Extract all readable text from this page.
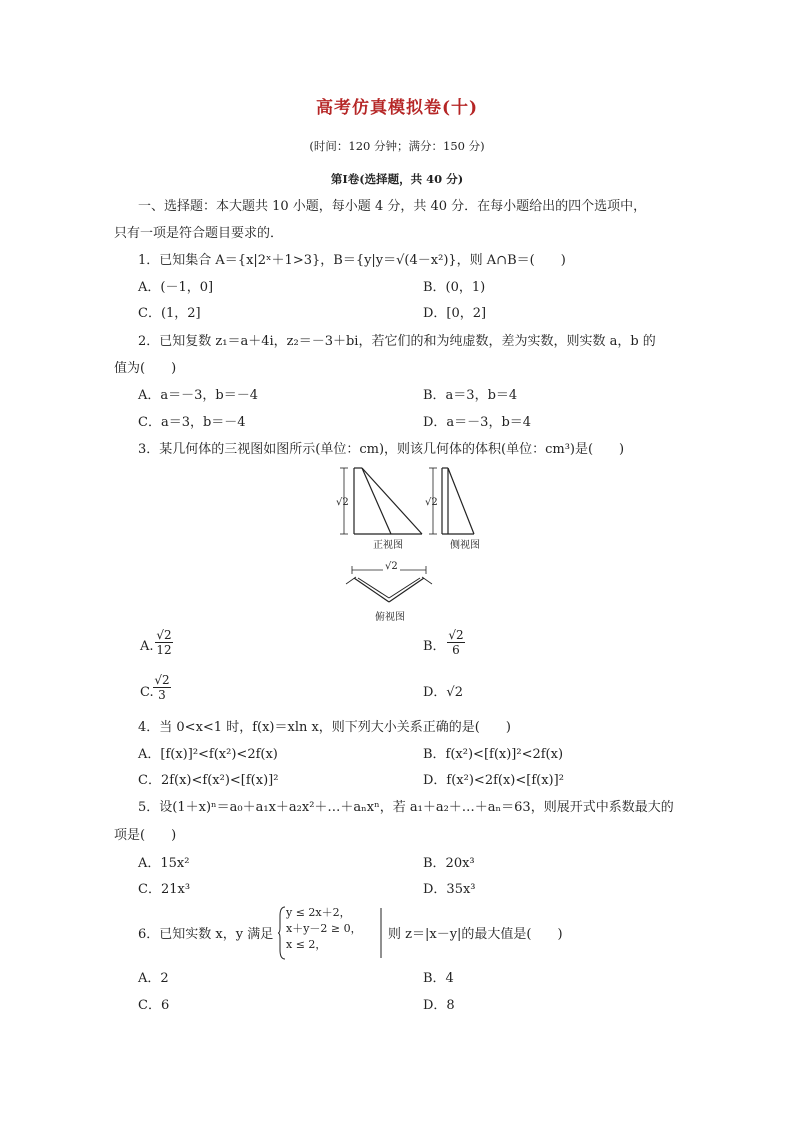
高考仿真模拟卷(十)
(时间：120 分钟；满分：150 分)
第Ⅰ卷(选择题，共 40 分)
一、选择题：本大题共 10 小题，每小题 4 分，共 40 分．在每小题给出的四个选项中，
只有一项是符合题目要求的．
1．已知集合 A＝{x|2ˣ＋1>3}，B＝{y|y＝√(4－x²)}，则 A∩B＝(　　)
A．(－1，0]	B．(0，1)
C．(1，2]	D．[0，2]
2．已知复数 z₁＝a＋4i，z₂＝－3＋bi，若它们的和为纯虚数，差为实数，则实数 a，b 的
值为(　　)
A．a＝－3，b＝－4	B．a＝3，b＝4
C．a＝3，b＝－4	D．a＝－3，b＝4
3．某几何体的三视图如图所示(单位：cm)，则该几何体的体积(单位：cm³)是(　　)
√2
正视图
√2
侧视图
√2
俯视图
A. $\frac{√2}{12}$	B． $\frac{√2}{6}$
C. $\frac{√2}{3}$	D．√2
4．当 0<x<1 时，f(x)＝xln x，则下列大小关系正确的是(　　)
A．[f(x)]²<f(x²)<2f(x)	B．f(x²)<[f(x)]²<2f(x)
C．2f(x)<f(x²)<[f(x)]²	D．f(x²)<2f(x)<[f(x)]²
5．设(1＋x)ⁿ＝a₀＋a₁x＋a₂x²＋…＋aₙxⁿ，若 a₁＋a₂＋…＋aₙ＝63，则展开式中系数最大的
项是(　　)
A．15x²	B．20x³
C．21x³	D．35x³
6．已知实数 x，y 满足
y ≤ 2x＋2，
x＋y－2 ≥ 0，
x ≤ 2，
则 z＝|x－y|的最大值是(　　)
A．2	B．4
C．6	D．8
